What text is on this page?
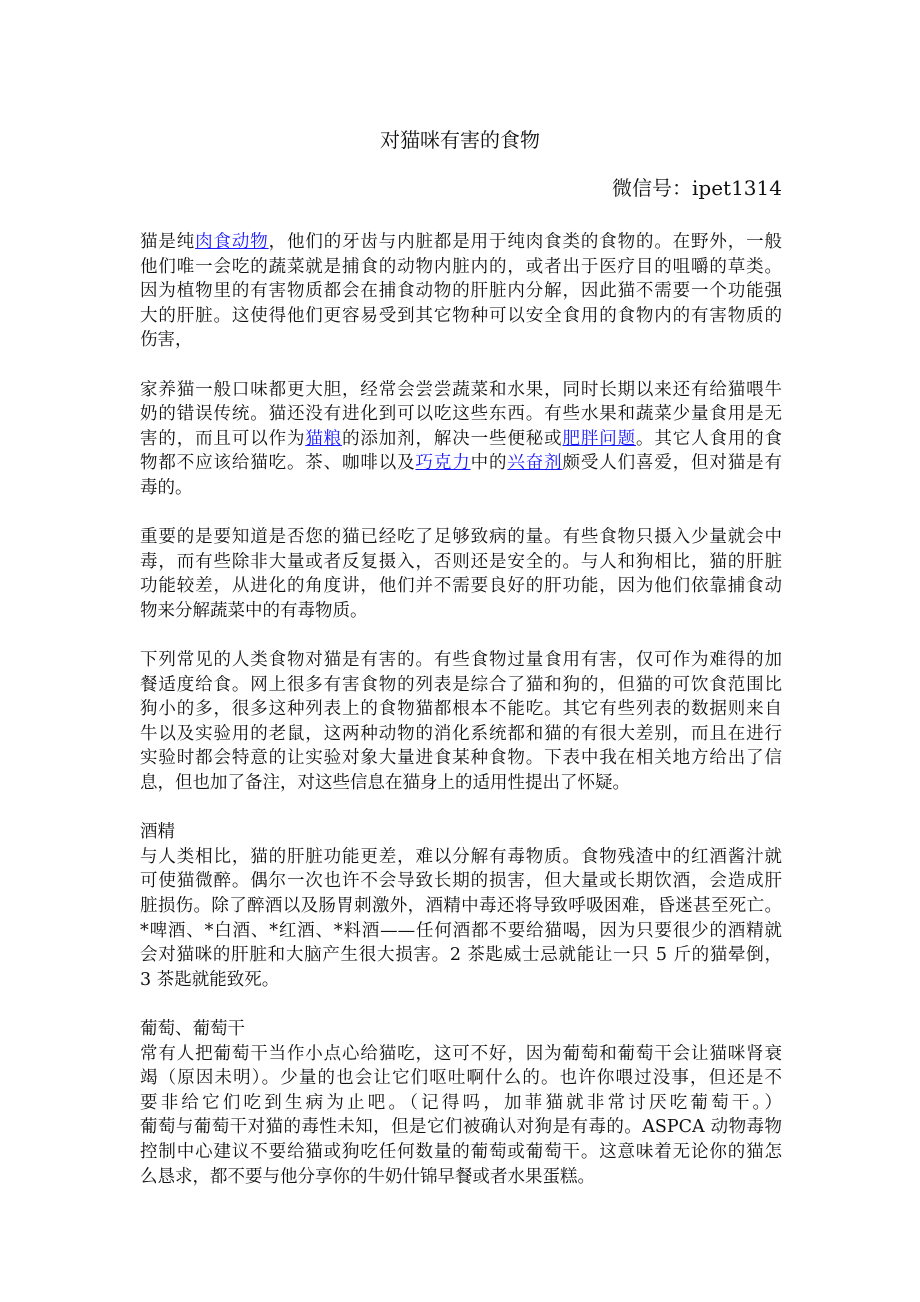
对猫咪有害的食物
微信号：ipet1314
猫是纯肉食动物，他们的牙齿与内脏都是用于纯肉食类的食物的。在野外，一般
他们唯一会吃的蔬菜就是捕食的动物内脏内的，或者出于医疗目的咀嚼的草类。
因为植物里的有害物质都会在捕食动物的肝脏内分解，因此猫不需要一个功能强
大的肝脏。这使得他们更容易受到其它物种可以安全食用的食物内的有害物质的
伤害，
家养猫一般口味都更大胆，经常会尝尝蔬菜和水果，同时长期以来还有给猫喂牛
奶的错误传统。猫还没有进化到可以吃这些东西。有些水果和蔬菜少量食用是无
害的，而且可以作为猫粮的添加剂，解决一些便秘或肥胖问题。其它人食用的食
物都不应该给猫吃。茶、咖啡以及巧克力中的兴奋剂颇受人们喜爱，但对猫是有
毒的。
重要的是要知道是否您的猫已经吃了足够致病的量。有些食物只摄入少量就会中
毒，而有些除非大量或者反复摄入，否则还是安全的。与人和狗相比，猫的肝脏
功能较差，从进化的角度讲，他们并不需要良好的肝功能，因为他们依靠捕食动
物来分解蔬菜中的有毒物质。
下列常见的人类食物对猫是有害的。有些食物过量食用有害，仅可作为难得的加
餐适度给食。网上很多有害食物的列表是综合了猫和狗的，但猫的可饮食范围比
狗小的多，很多这种列表上的食物猫都根本不能吃。其它有些列表的数据则来自
牛以及实验用的老鼠，这两种动物的消化系统都和猫的有很大差别，而且在进行
实验时都会特意的让实验对象大量进食某种食物。下表中我在相关地方给出了信
息，但也加了备注，对这些信息在猫身上的适用性提出了怀疑。
酒精
与人类相比，猫的肝脏功能更差，难以分解有毒物质。食物残渣中的红酒酱汁就
可使猫微醉。偶尔一次也许不会导致长期的损害，但大量或长期饮酒，会造成肝
脏损伤。除了醉酒以及肠胃刺激外，酒精中毒还将导致呼吸困难，昏迷甚至死亡。
*啤酒、*白酒、*红酒、*料酒——任何酒都不要给猫喝，因为只要很少的酒精就
会对猫咪的肝脏和大脑产生很大损害。2 茶匙威士忌就能让一只 5 斤的猫晕倒，
3 茶匙就能致死。
葡萄、葡萄干
常有人把葡萄干当作小点心给猫吃，这可不好，因为葡萄和葡萄干会让猫咪肾衰
竭（原因未明）。少量的也会让它们呕吐啊什么的。也许你喂过没事，但还是不
要非给它们吃到生病为止吧。（记得吗，加菲猫就非常讨厌吃葡萄干。）
葡萄与葡萄干对猫的毒性未知，但是它们被确认对狗是有毒的。ASPCA 动物毒物
控制中心建议不要给猫或狗吃任何数量的葡萄或葡萄干。这意味着无论你的猫怎
么恳求，都不要与他分享你的牛奶什锦早餐或者水果蛋糕。
